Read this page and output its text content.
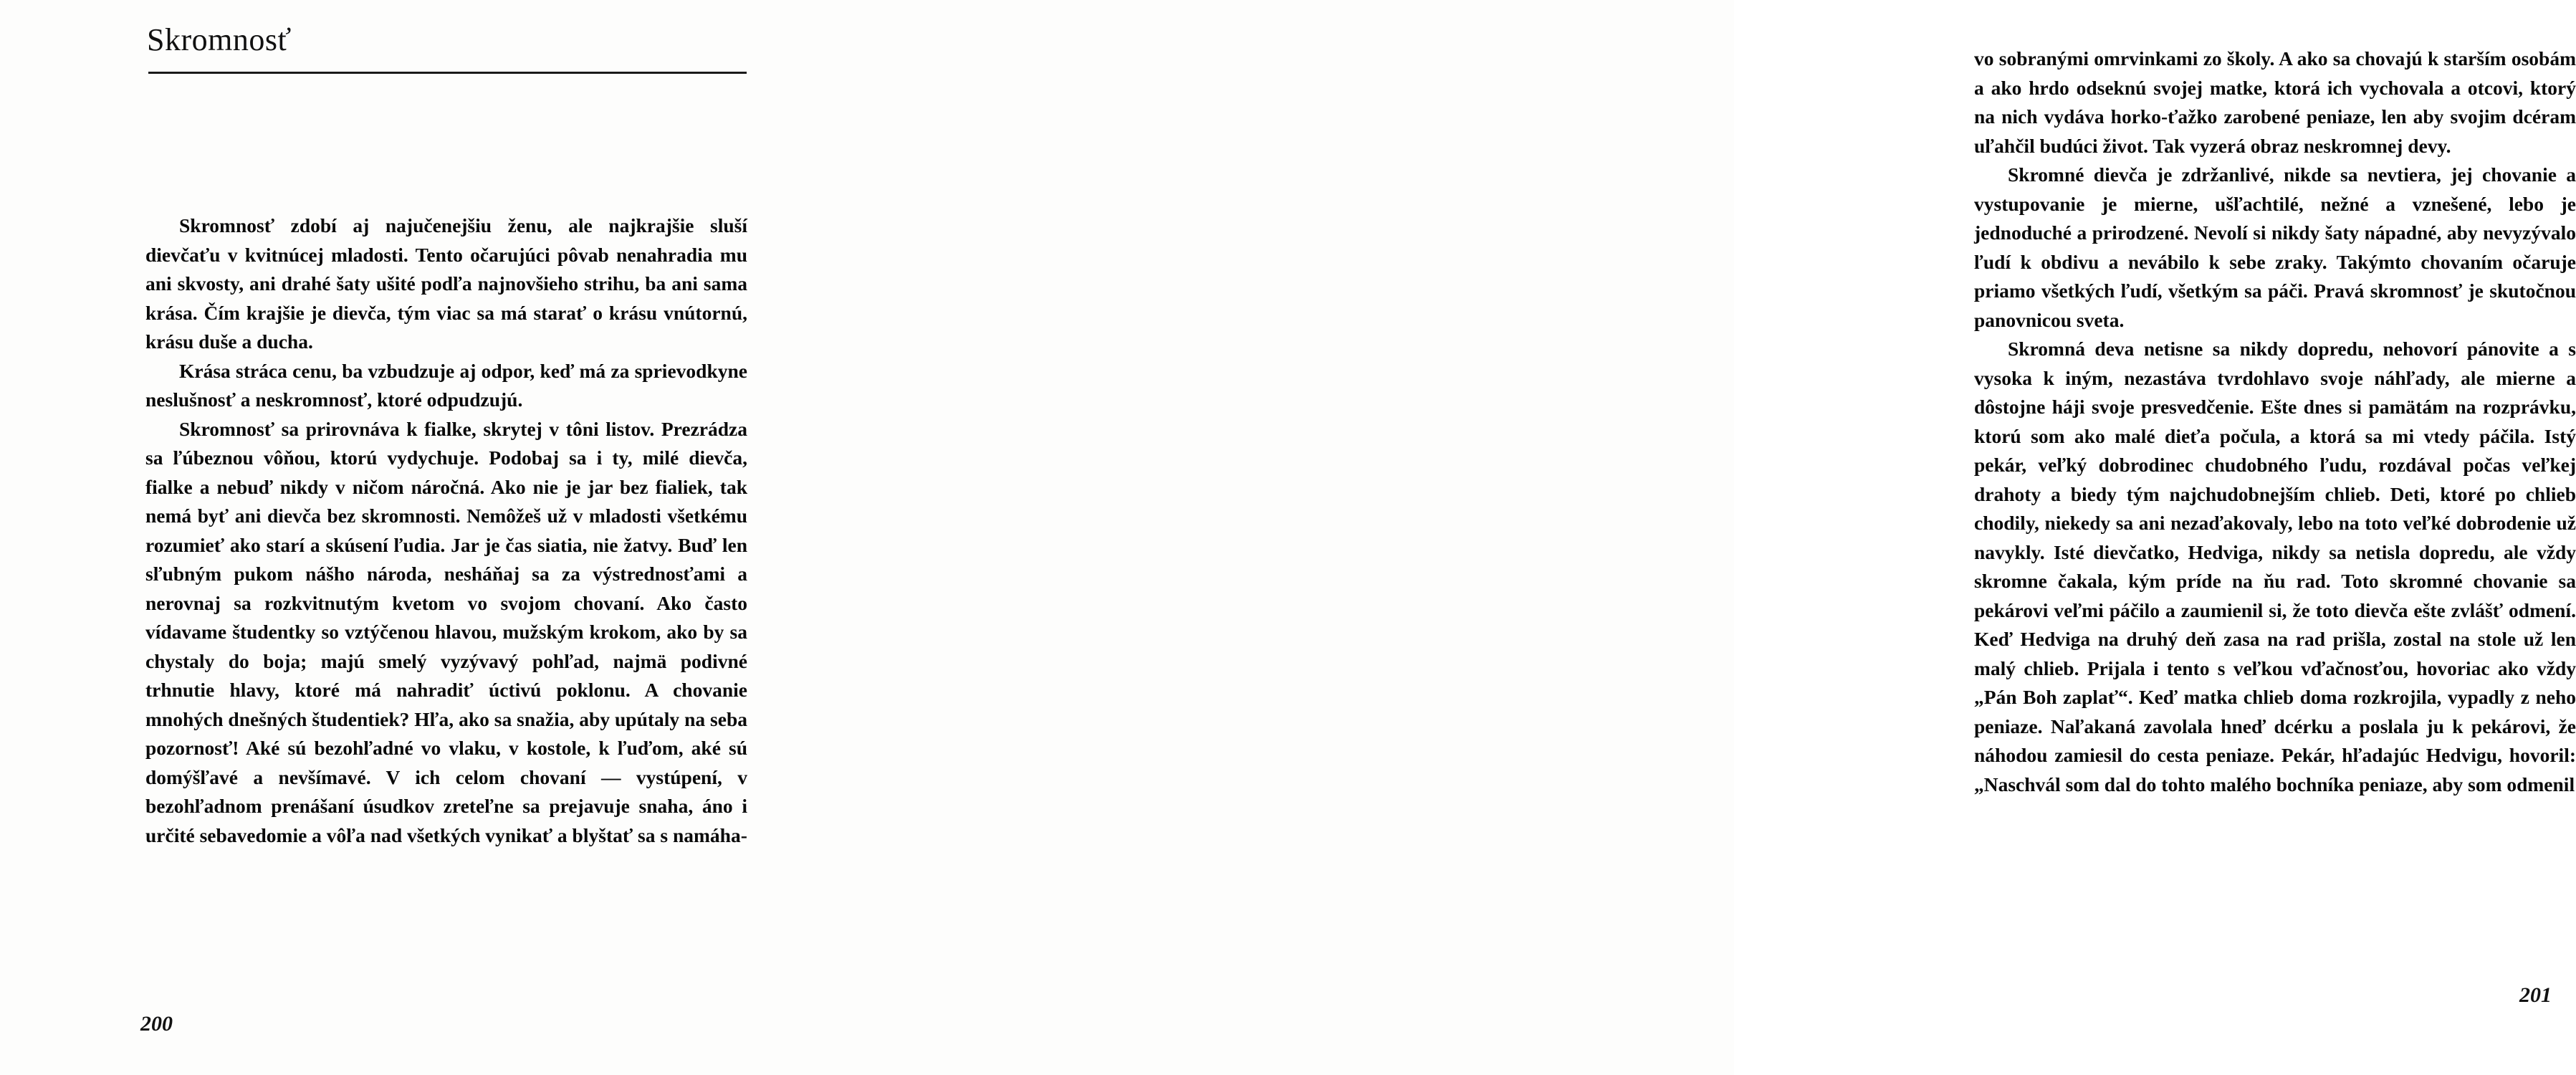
Skromnosť

Skromnosť zdobí aj najučenejšiu ženu, ale najkrajšie sluší dievčaťu v kvitnúcej mladosti. Tento očarujúci pôvab nenahradia mu ani skvosty, ani drahé šaty ušité podľa najnovšieho strihu, ba ani sama krása. Čím krajšie je dievča, tým viac sa má starať o krásu vnútornú, krásu duše a ducha.

Krása stráca cenu, ba vzbudzuje aj odpor, keď má za sprievodkyne neslušnosť a neskromnosť, ktoré odpudzujú.

Skromnosť sa prirovnáva k fialke, skrytej v tôni listov. Prezrádza sa ľúbeznou vôňou, ktorú vydychuje. Podobaj sa i ty, milé dievča, fialke a nebuď nikdy v ničom náročná. Ako nie je jar bez fialiek, tak nemá byť ani dievča bez skromnosti. Nemôžeš už v mladosti všetkému rozumieť ako starí a skúsení ľudia. Jar je čas siatia, nie žatvy. Buď len sľubným pukom nášho národa, nesháňaj sa za výstrednosťami a nerovnaj sa rozkvitnutým kvetom vo svojom chovaní. Ako často vídavame študentky so vztýčenou hlavou, mužským krokom, ako by sa chystaly do boja; majú smelý vyzývavý pohľad, najmä podivné trhnutie hlavy, ktoré má nahradiť úctivú poklonu. A chovanie mnohých dnešných študentiek? Hľa, ako sa snažia, aby upútaly na seba pozornosť! Aké sú bezohľadné vo vlaku, v kostole, k ľuďom, aké sú domýšľavé a nevšímavé. V ich celom chovaní — vystúpení, v bezohľadnom prenášaní úsudkov zreteľne sa prejavuje snaha, áno i určité sebavedomie a vôľa nad všetkých vynikať a blyštať sa s namáha-

200

vo sobranými omrvinkami zo školy. A ako sa chovajú k starším osobám a ako hrdo odseknú svojej matke, ktorá ich vychovala a otcovi, ktorý na nich vydáva horko-ťažko zarobené peniaze, len aby svojim dcéram uľahčil budúci život. Tak vyzerá obraz neskromnej devy.

Skromné dievča je zdržanlivé, nikde sa nevtiera, jej chovanie a vystupovanie je mierne, ušľachtilé, nežné a vznešené, lebo je jednoduché a prirodzené. Nevolí si nikdy šaty nápadné, aby nevyzývalo ľudí k obdivu a nevábilo k sebe zraky. Takýmto chovaním očaruje priamo všetkých ľudí, všetkým sa páči. Pravá skromnosť je skutočnou panovnicou sveta.

Skromná deva netisne sa nikdy dopredu, nehovorí pánovite a s vysoka k iným, nezastáva tvrdohlavo svoje náhľady, ale mierne a dôstojne háji svoje presvedčenie. Ešte dnes si pamätám na rozprávku, ktorú som ako malé dieťa počula, a ktorá sa mi vtedy páčila. Istý pekár, veľký dobrodinec chudobného ľudu, rozdával počas veľkej drahoty a biedy tým najchudobnejším chlieb. Deti, ktoré po chlieb chodily, niekedy sa ani nezaďakovaly, lebo na toto veľké dobrodenie už navykly. Isté dievčatko, Hedviga, nikdy sa netisla dopredu, ale vždy skromne čakala, kým príde na ňu rad. Toto skromné chovanie sa pekárovi veľmi páčilo a zaumienil si, že toto dievča ešte zvlášť odmení. Keď Hedviga na druhý deň zasa na rad prišla, zostal na stole už len malý chlieb. Prijala i tento s veľkou vďačnosťou, hovoriac ako vždy „Pán Boh zaplať“. Keď matka chlieb doma rozkrojila, vypadly z neho peniaze. Naľakaná zavolala hneď dcérku a poslala ju k pekárovi, že náhodou zamiesil do cesta peniaze. Pekár, hľadajúc Hedvigu, hovoril: „Naschvál som dal do tohto malého bochníka peniaze, aby som odmenil

201
